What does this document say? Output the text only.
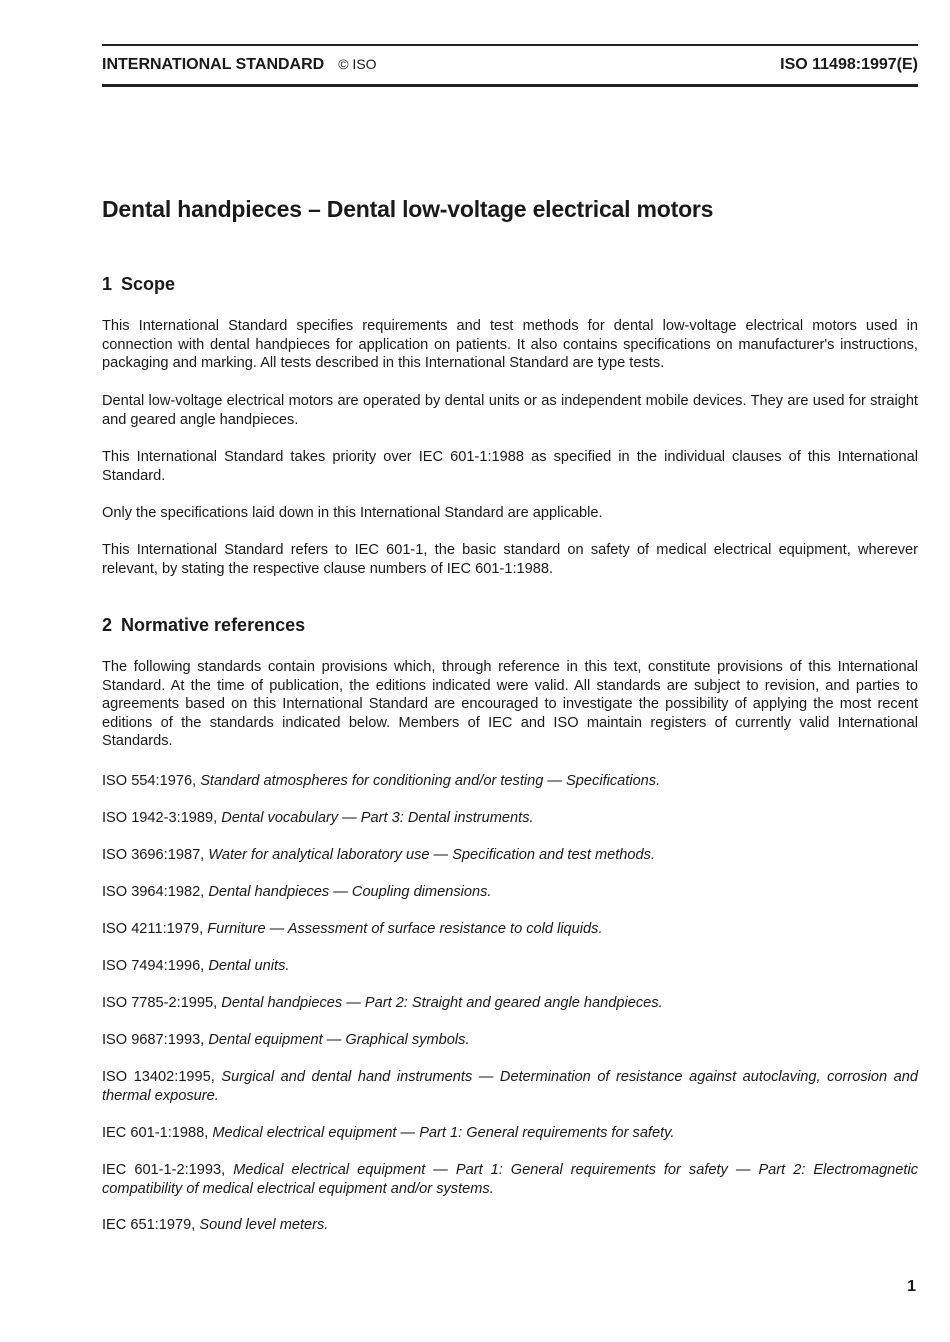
INTERNATIONAL STANDARD © ISO	ISO 11498:1997(E)
Dental handpieces – Dental low-voltage electrical motors
1 Scope

This International Standard specifies requirements and test methods for dental low-voltage electrical motors used in connection with dental handpieces for application on patients. It also contains specifications on manufacturer's instructions, packaging and marking. All tests described in this International Standard are type tests.

Dental low-voltage electrical motors are operated by dental units or as independent mobile devices. They are used for straight and geared angle handpieces.

This International Standard takes priority over IEC 601-1:1988 as specified in the individual clauses of this International Standard.

Only the specifications laid down in this International Standard are applicable.

This International Standard refers to IEC 601-1, the basic standard on safety of medical electrical equipment, wherever relevant, by stating the respective clause numbers of IEC 601-1:1988.

2 Normative references

The following standards contain provisions which, through reference in this text, constitute provisions of this International Standard. At the time of publication, the editions indicated were valid. All standards are subject to revision, and parties to agreements based on this International Standard are encouraged to investigate the possibility of applying the most recent editions of the standards indicated below. Members of IEC and ISO maintain registers of currently valid International Standards.

ISO 554:1976, Standard atmospheres for conditioning and/or testing — Specifications.

ISO 1942-3:1989, Dental vocabulary — Part 3: Dental instruments.

ISO 3696:1987, Water for analytical laboratory use — Specification and test methods.

ISO 3964:1982, Dental handpieces — Coupling dimensions.

ISO 4211:1979, Furniture — Assessment of surface resistance to cold liquids.

ISO 7494:1996, Dental units.

ISO 7785-2:1995, Dental handpieces — Part 2: Straight and geared angle handpieces.

ISO 9687:1993, Dental equipment — Graphical symbols.

ISO 13402:1995, Surgical and dental hand instruments — Determination of resistance against autoclaving, corrosion and thermal exposure.

IEC 601-1:1988, Medical electrical equipment — Part 1: General requirements for safety.

IEC 601-1-2:1993, Medical electrical equipment — Part 1: General requirements for safety — Part 2: Electromagnetic compatibility of medical electrical equipment and/or systems.

IEC 651:1979, Sound level meters.

1
